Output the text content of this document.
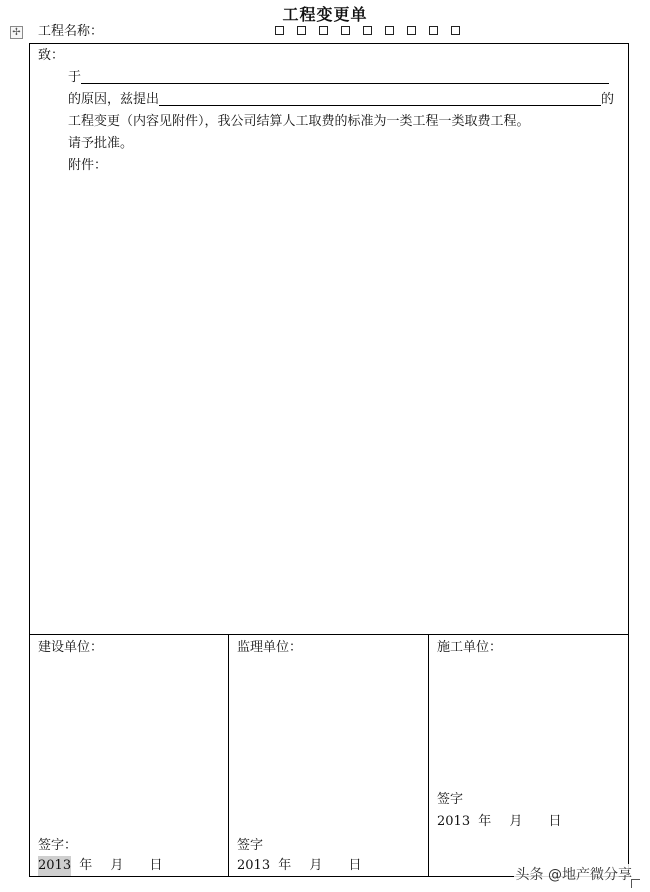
工程变更单
✢ 工程名称：
致：
于
的原因，兹提出	的
工程变更（内容见附件），我公司结算人工取费的标准为一类工程一类取费工程。
请予批准。
附件：
建设单位：
签字：
2013 年 月 日
监理单位：
签字
2013 年 月 日
施工单位：
签字
2013 年 月 日
头条 @地产微分享
